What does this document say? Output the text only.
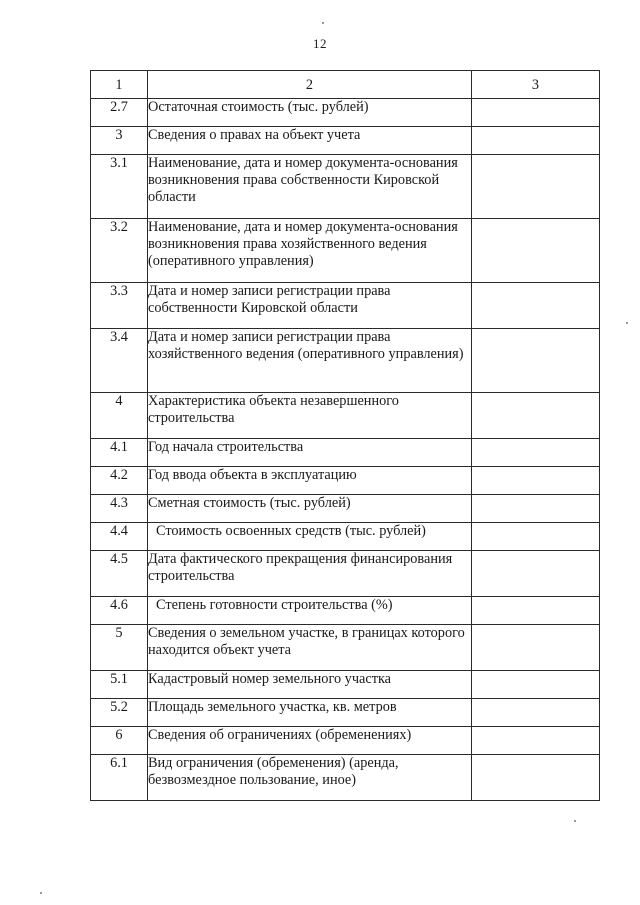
12
1	2	3
2.7	Остаточная стоимость (тыс. рублей)	
3	Сведения о правах на объект учета	
3.1	Наименование, дата и номер документа-основания возникновения права собственности Кировской области	
3.2	Наименование, дата и номер документа-основания возникновения права хозяйственного ведения (оперативного управления)	
3.3	Дата и номер записи регистрации права собственности Кировской области	
3.4	Дата и номер записи регистрации права хозяйственного ведения (оперативного управления)	
4	Характеристика объекта незавершенного строительства	
4.1	Год начала строительства	
4.2	Год ввода объекта в эксплуатацию	
4.3	Сметная стоимость (тыс. рублей)	
4.4	Стоимость освоенных средств (тыс. рублей)	
4.5	Дата фактического прекращения финансирования строительства	
4.6	Степень готовности строительства (%)	
5	Сведения о земельном участке, в границах которого находится объект учета	
5.1	Кадастровый номер земельного участка	
5.2	Площадь земельного участка, кв. метров	
6	Сведения об ограничениях (обременениях)	
6.1	Вид ограничения (обременения) (аренда, безвозмездное пользование, иное)	
